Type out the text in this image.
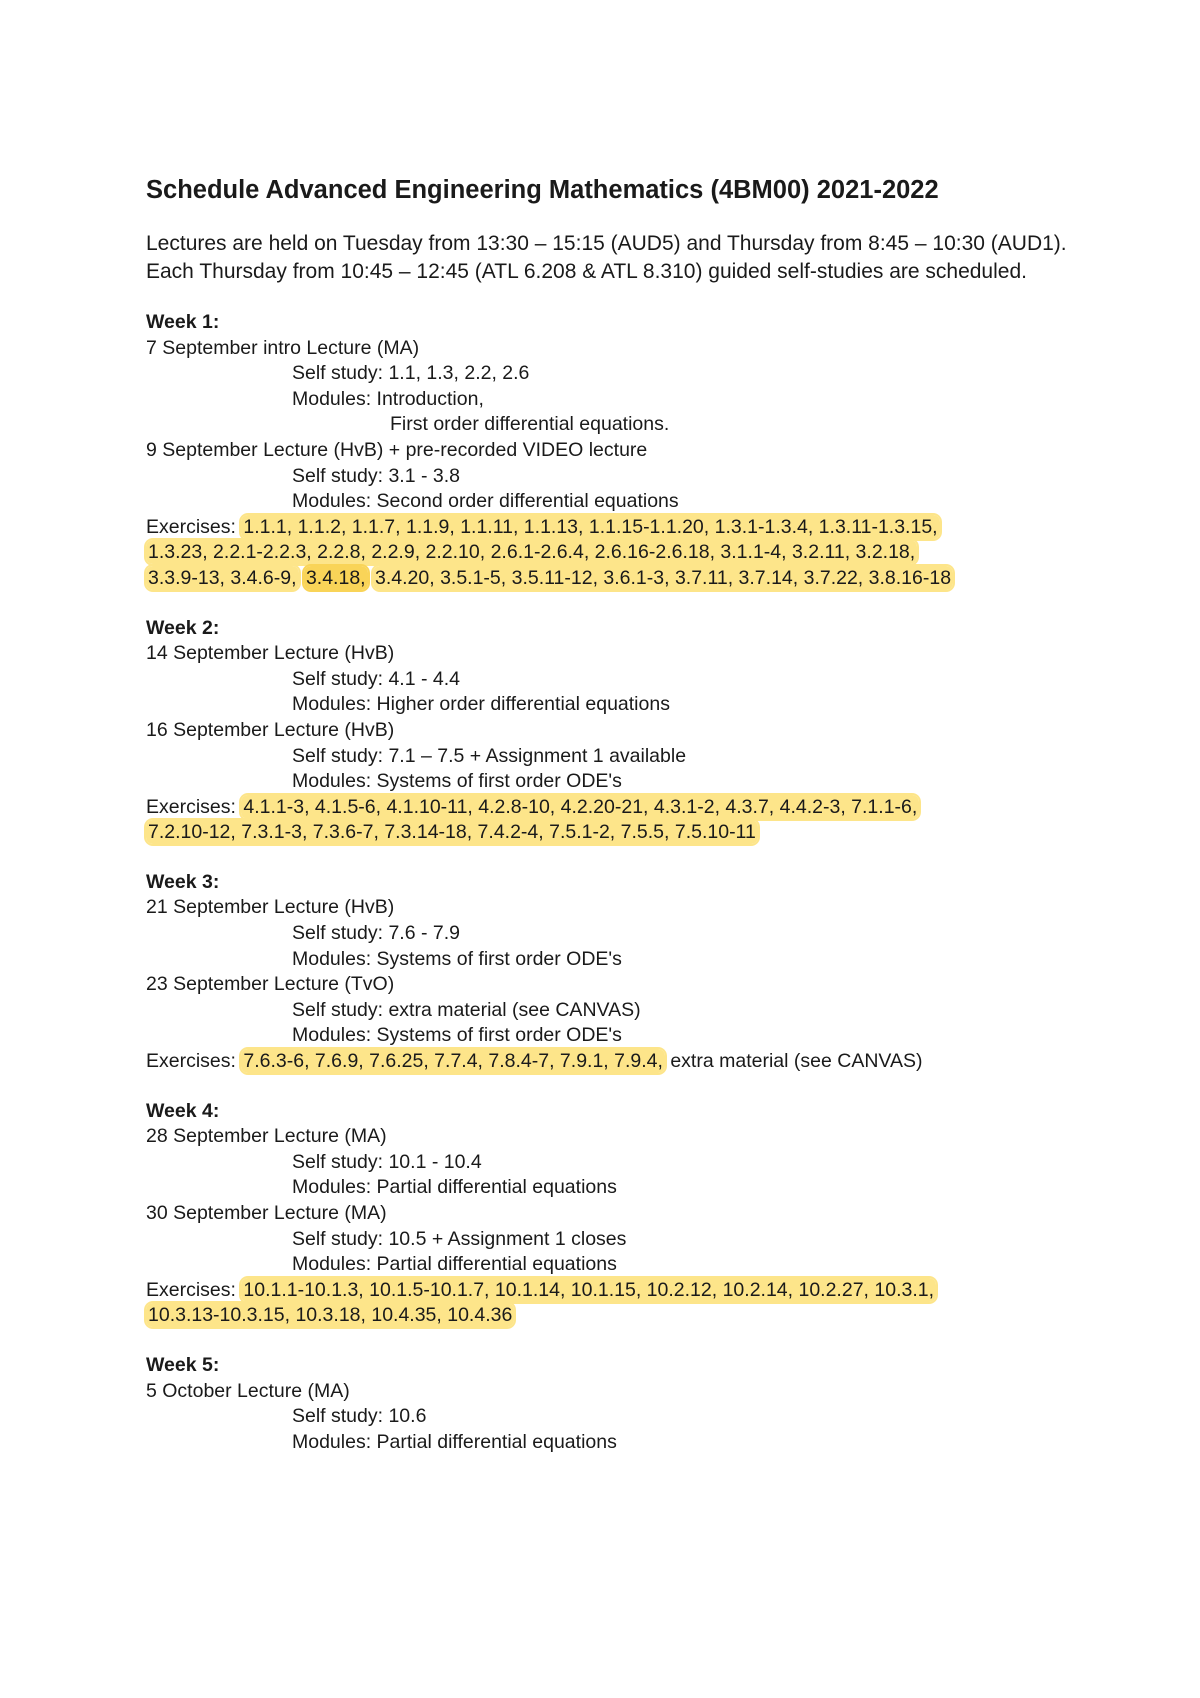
Schedule Advanced Engineering Mathematics (4BM00) 2021-2022

Lectures are held on Tuesday from 13:30 – 15:15 (AUD5) and Thursday from 8:45 – 10:30 (AUD1).

Each Thursday from 10:45 – 12:45 (ATL 6.208 & ATL 8.310) guided self-studies are scheduled.

Week 1:
7 September intro Lecture (MA)
Self study: 1.1, 1.3, 2.2, 2.6
Modules: Introduction,
First order differential equations.
9 September Lecture (HvB) + pre-recorded VIDEO lecture
Self study: 3.1 - 3.8
Modules: Second order differential equations
Exercises: 1.1.1, 1.1.2, 1.1.7, 1.1.9, 1.1.11, 1.1.13, 1.1.15-1.1.20, 1.3.1-1.3.4, 1.3.11-1.3.15,
1.3.23, 2.2.1-2.2.3, 2.2.8, 2.2.9, 2.2.10, 2.6.1-2.6.4, 2.6.16-2.6.18, 3.1.1-4, 3.2.11, 3.2.18,
3.3.9-13, 3.4.6-9, 3.4.18, 3.4.20, 3.5.1-5, 3.5.11-12, 3.6.1-3, 3.7.11, 3.7.14, 3.7.22, 3.8.16-18
Week 2:
14 September Lecture (HvB)
Self study: 4.1 - 4.4
Modules: Higher order differential equations
16 September Lecture (HvB)
Self study: 7.1 – 7.5 + Assignment 1 available
Modules: Systems of first order ODE's
Exercises: 4.1.1-3, 4.1.5-6, 4.1.10-11, 4.2.8-10, 4.2.20-21, 4.3.1-2, 4.3.7, 4.4.2-3, 7.1.1-6,
7.2.10-12, 7.3.1-3, 7.3.6-7, 7.3.14-18, 7.4.2-4, 7.5.1-2, 7.5.5, 7.5.10-11
Week 3:
21 September Lecture (HvB)
Self study: 7.6 - 7.9
Modules: Systems of first order ODE's
23 September Lecture (TvO)
Self study: extra material (see CANVAS)
Modules: Systems of first order ODE's
Exercises: 7.6.3-6, 7.6.9, 7.6.25, 7.7.4, 7.8.4-7, 7.9.1, 7.9.4, extra material (see CANVAS)
Week 4:
28 September Lecture (MA)
Self study: 10.1 - 10.4
Modules: Partial differential equations
30 September Lecture (MA)
Self study: 10.5 + Assignment 1 closes
Modules: Partial differential equations
Exercises: 10.1.1-10.1.3, 10.1.5-10.1.7, 10.1.14, 10.1.15, 10.2.12, 10.2.14, 10.2.27, 10.3.1,
10.3.13-10.3.15, 10.3.18, 10.4.35, 10.4.36
Week 5:
5 October Lecture (MA)
Self study: 10.6
Modules: Partial differential equations
